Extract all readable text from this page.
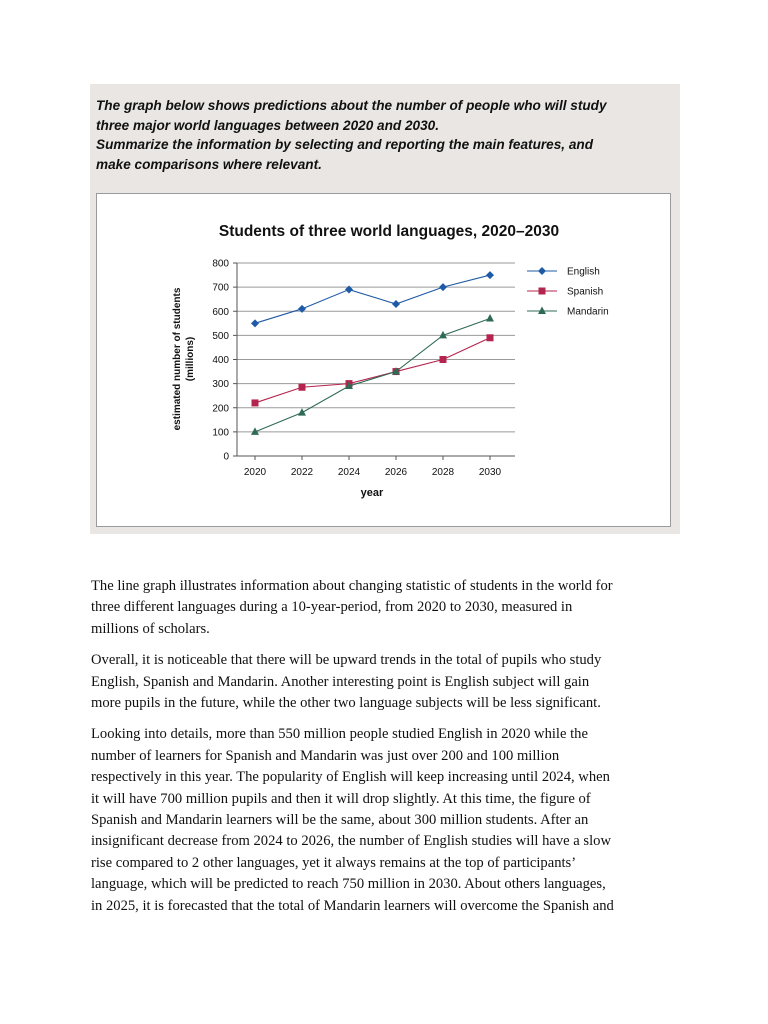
The graph below shows predictions about the number of people who will study
three major world languages between 2020 and 2030.
Summarize the information by selecting and reporting the main features, and
make comparisons where relevant.
Students of three world languages, 2020–2030
year
estimated number of students (millions)
0
100
200
300
400
500
600
700
800
2020 2022 2024 2026 2028 2030
English
Spanish
Mandarin

The line graph illustrates information about changing statistic of students in the world for
three different languages during a 10-year-period, from 2020 to 2030, measured in
millions of scholars.

Overall, it is noticeable that there will be upward trends in the total of pupils who study
English, Spanish and Mandarin. Another interesting point is English subject will gain
more pupils in the future, while the other two language subjects will be less significant.

Looking into details, more than 550 million people studied English in 2020 while the
number of learners for Spanish and Mandarin was just over 200 and 100 million
respectively in this year. The popularity of English will keep increasing until 2024, when
it will have 700 million pupils and then it will drop slightly. At this time, the figure of
Spanish and Mandarin learners will be the same, about 300 million students. After an
insignificant decrease from 2024 to 2026, the number of English studies will have a slow
rise compared to 2 other languages, yet it always remains at the top of participants’
language, which will be predicted to reach 750 million in 2030. About others languages,
in 2025, it is forecasted that the total of Mandarin learners will overcome the Spanish and
